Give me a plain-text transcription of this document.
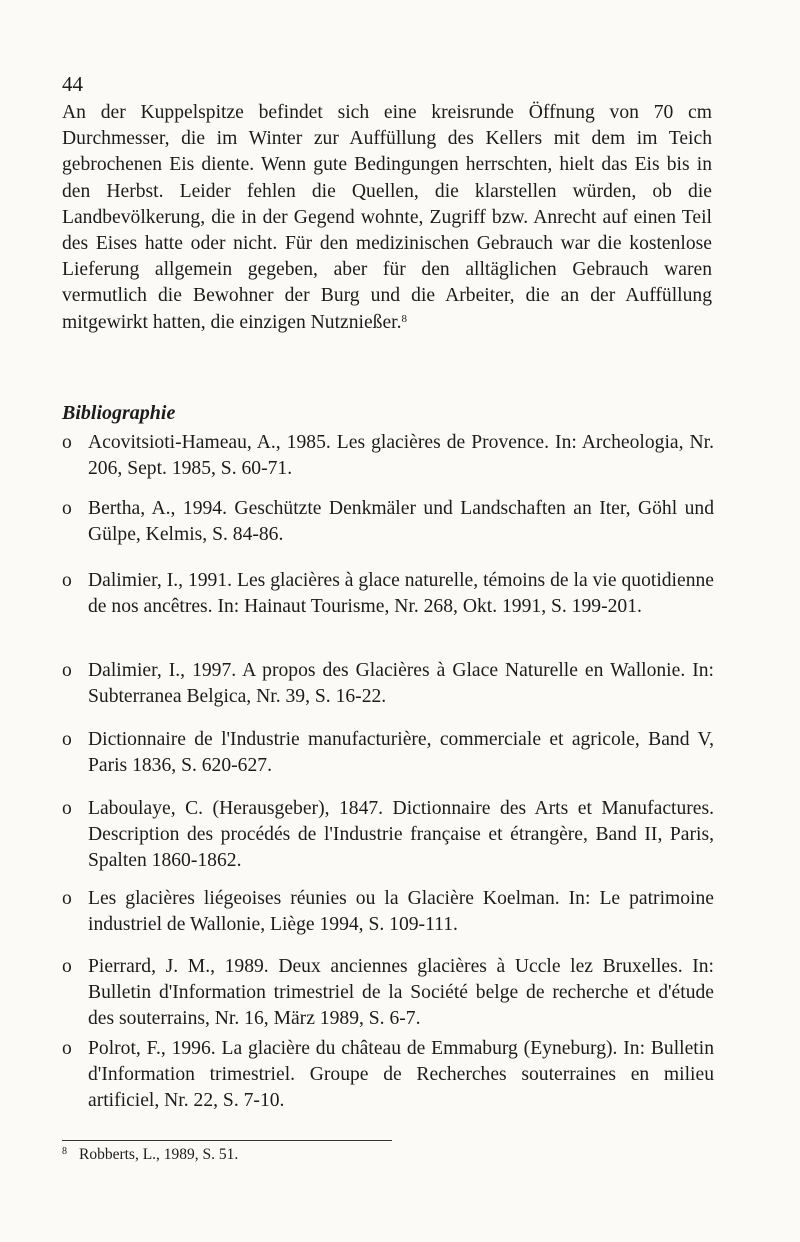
44

An der Kuppelspitze befindet sich eine kreisrunde Öffnung von 70 cm Durchmesser, die im Winter zur Auffüllung des Kellers mit dem im Teich gebrochenen Eis diente. Wenn gute Bedingungen herrschten, hielt das Eis bis in den Herbst. Leider fehlen die Quellen, die klarstellen würden, ob die Landbevölkerung, die in der Gegend wohnte, Zugriff bzw. Anrecht auf einen Teil des Eises hatte oder nicht. Für den medizinischen Gebrauch war die kostenlose Lieferung allgemein gegeben, aber für den alltäglichen Gebrauch waren vermutlich die Bewohner der Burg und die Arbeiter, die an der Auffüllung mitgewirkt hatten, die einzigen Nutznießer.$^8$

Bibliographie
o Acovitsioti-Hameau, A., 1985. Les glacières de Provence. In: Archeologia, Nr. 206, Sept. 1985, S. 60-71.
o Bertha, A., 1994. Geschützte Denkmäler und Landschaften an Iter, Göhl und Gülpe, Kelmis, S. 84-86.
o Dalimier, I., 1991. Les glacières à glace naturelle, témoins de la vie quotidienne de nos ancêtres. In: Hainaut Tourisme, Nr. 268, Okt. 1991, S. 199-201.
o Dalimier, I., 1997. A propos des Glacières à Glace Naturelle en Wallonie. In: Subterranea Belgica, Nr. 39, S. 16-22.
o Dictionnaire de l'Industrie manufacturière, commerciale et agricole, Band V, Paris 1836, S. 620-627.
o Laboulaye, C. (Herausgeber), 1847. Dictionnaire des Arts et Manufactures. Description des procédés de l'Industrie française et étrangère, Band II, Paris, Spalten 1860-1862.
o Les glacières liégeoises réunies ou la Glacière Koelman. In: Le patrimoine industriel de Wallonie, Liège 1994, S. 109-111.
o Pierrard, J. M., 1989. Deux anciennes glacières à Uccle lez Bruxelles. In: Bulletin d'Information trimestriel de la Société belge de recherche et d'étude des souterrains, Nr. 16, März 1989, S. 6-7.
o Polrot, F., 1996. La glacière du château de Emmaburg (Eyneburg). In: Bulletin d'Information trimestriel. Groupe de Recherches souterraines en milieu artificiel, Nr. 22, S. 7-10.
$^8$ Robberts, L., 1989, S. 51.
